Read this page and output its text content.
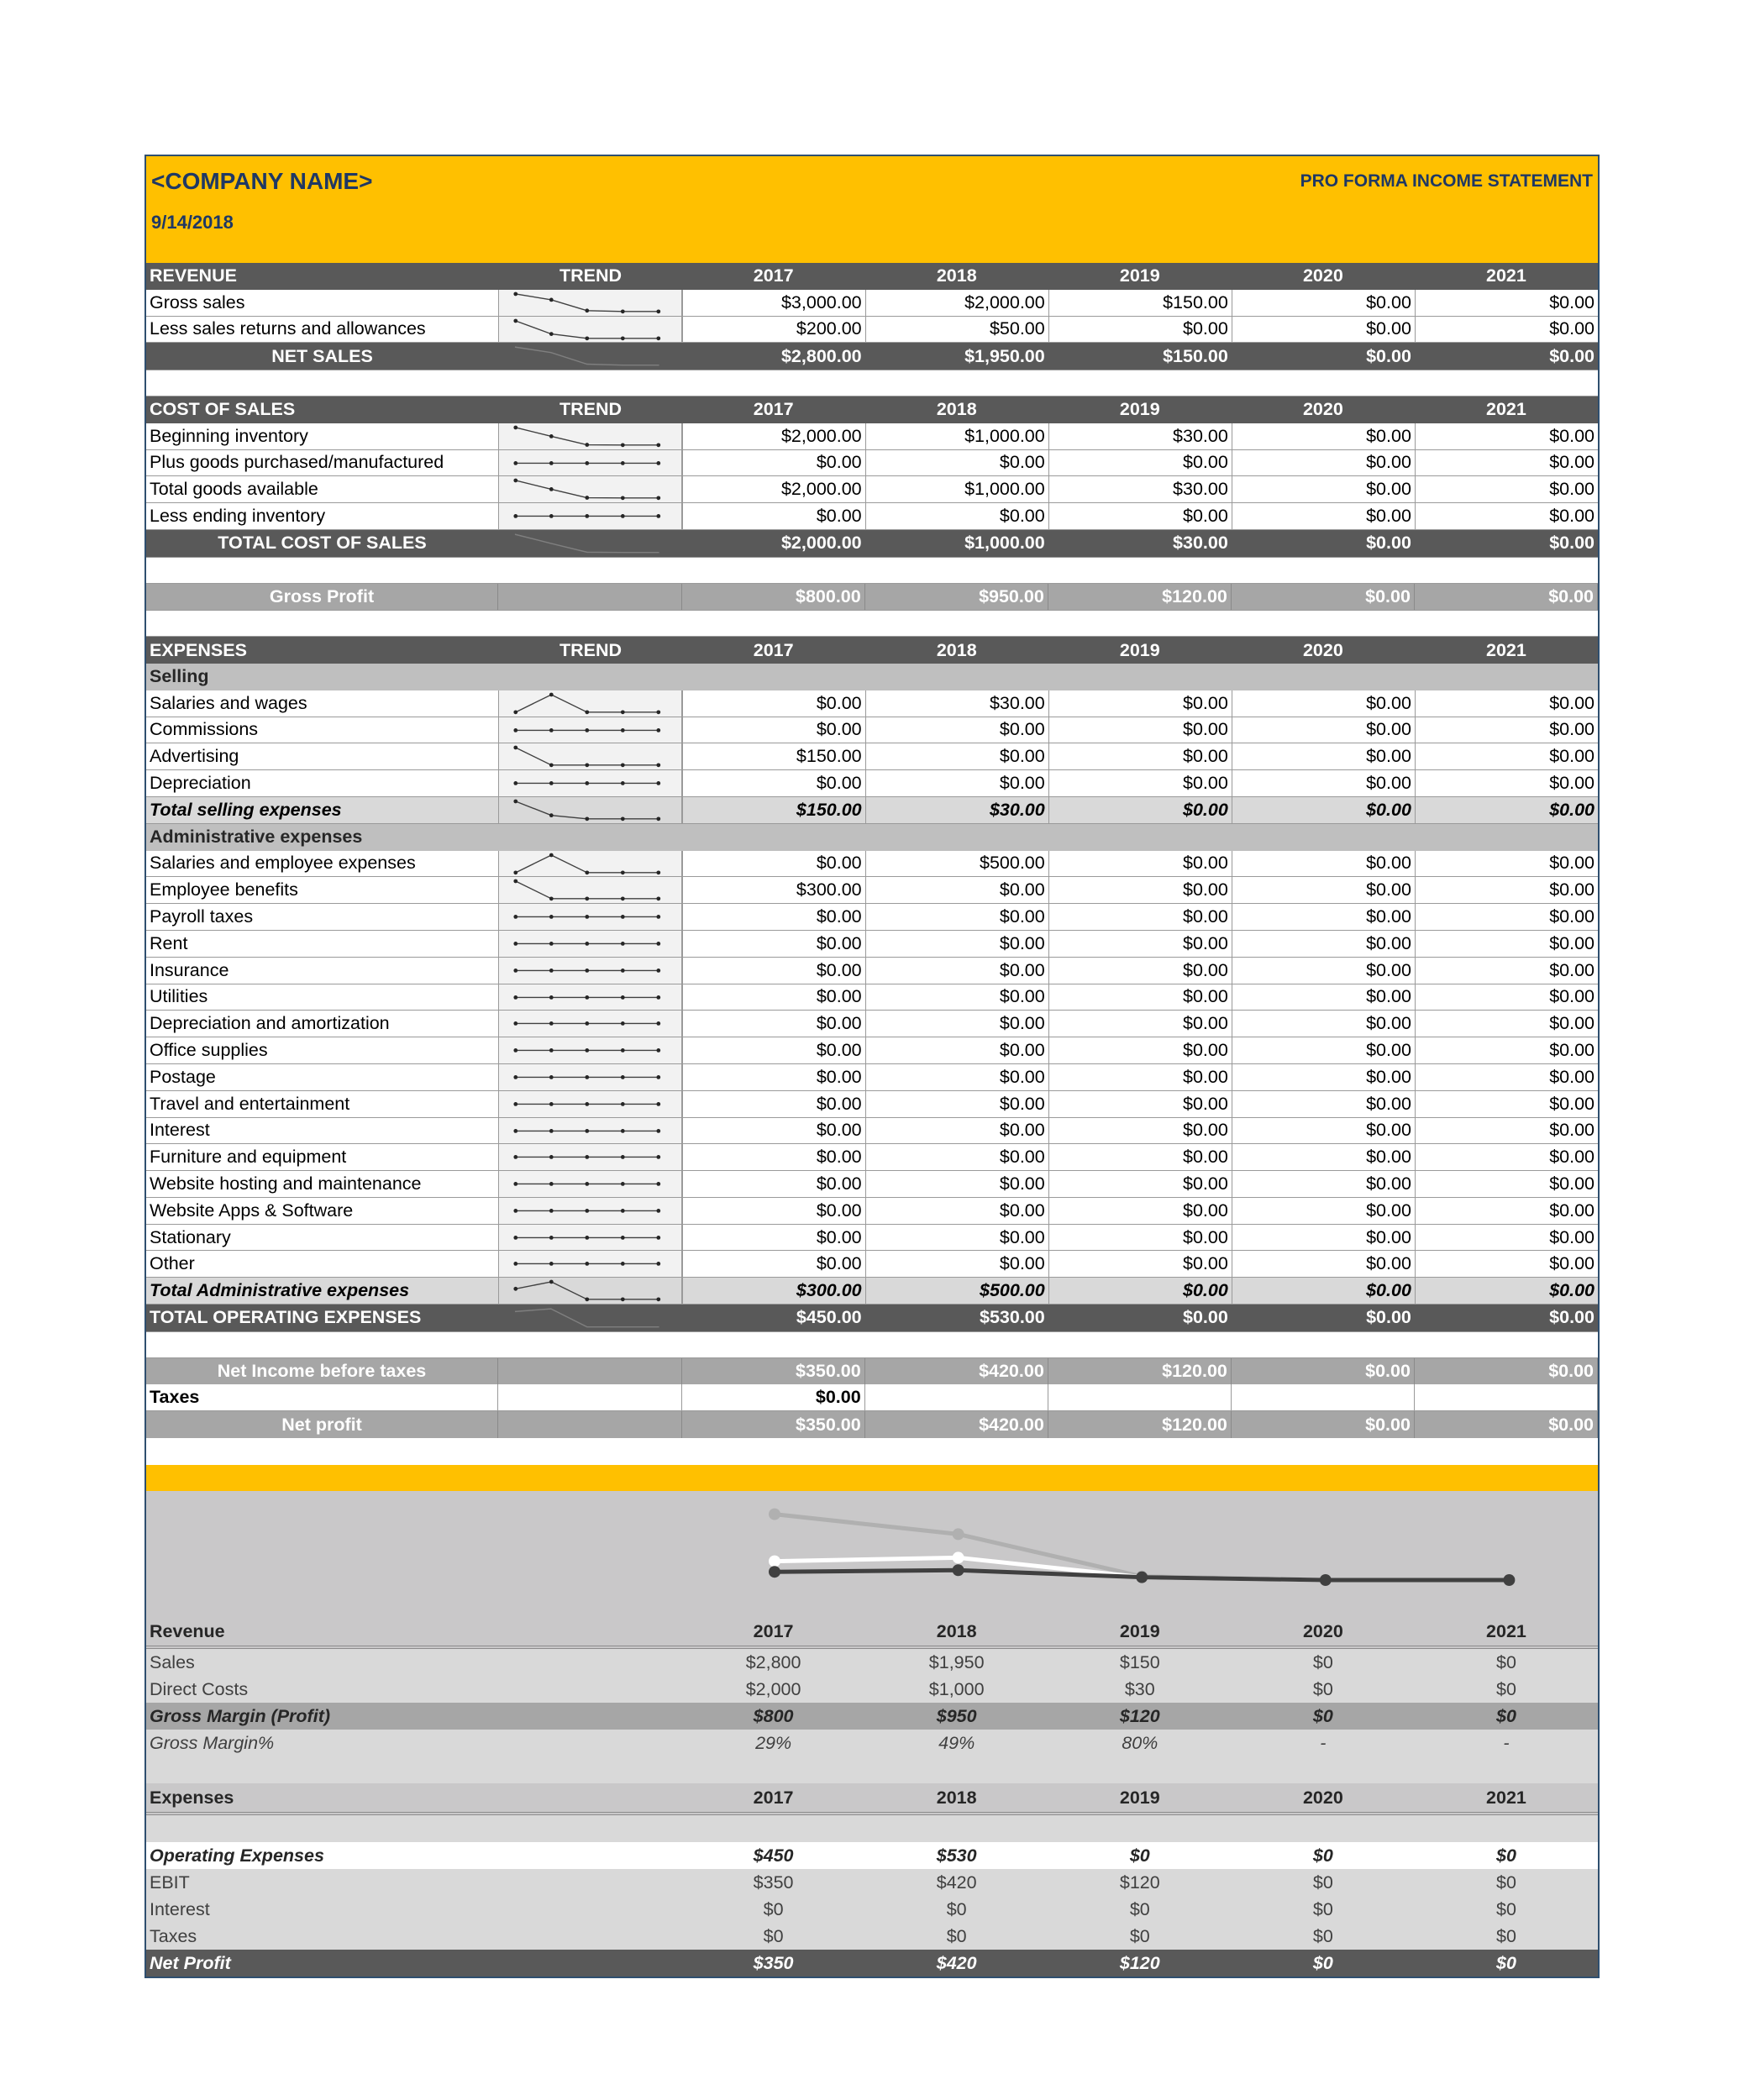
<COMPANY NAME>
9/14/2018
PRO FORMA INCOME STATEMENT
REVENUE	TREND	2017	2018	2019	2020	2021
Gross sales	$3,000.00	$2,000.00	$150.00	$0.00	$0.00
Less sales returns and allowances	$200.00	$50.00	$0.00	$0.00	$0.00
NET SALES	$2,800.00	$1,950.00	$150.00	$0.00	$0.00
COST OF SALES	TREND	2017	2018	2019	2020	2021
Beginning inventory	$2,000.00	$1,000.00	$30.00	$0.00	$0.00
Plus goods purchased/manufactured	$0.00	$0.00	$0.00	$0.00	$0.00
Total goods available	$2,000.00	$1,000.00	$30.00	$0.00	$0.00
Less ending inventory	$0.00	$0.00	$0.00	$0.00	$0.00
TOTAL COST OF SALES	$2,000.00	$1,000.00	$30.00	$0.00	$0.00
Gross Profit	$800.00	$950.00	$120.00	$0.00	$0.00
EXPENSES	TREND	2017	2018	2019	2020	2021
Selling
Salaries and wages	$0.00	$30.00	$0.00	$0.00	$0.00
Commissions	$0.00	$0.00	$0.00	$0.00	$0.00
Advertising	$150.00	$0.00	$0.00	$0.00	$0.00
Depreciation	$0.00	$0.00	$0.00	$0.00	$0.00
Total selling expenses	$150.00	$30.00	$0.00	$0.00	$0.00
Administrative expenses
Salaries and employee expenses	$0.00	$500.00	$0.00	$0.00	$0.00
Employee benefits	$300.00	$0.00	$0.00	$0.00	$0.00
Payroll taxes	$0.00	$0.00	$0.00	$0.00	$0.00
Rent	$0.00	$0.00	$0.00	$0.00	$0.00
Insurance	$0.00	$0.00	$0.00	$0.00	$0.00
Utilities	$0.00	$0.00	$0.00	$0.00	$0.00
Depreciation and amortization	$0.00	$0.00	$0.00	$0.00	$0.00
Office supplies	$0.00	$0.00	$0.00	$0.00	$0.00
Postage	$0.00	$0.00	$0.00	$0.00	$0.00
Travel and entertainment	$0.00	$0.00	$0.00	$0.00	$0.00
Interest	$0.00	$0.00	$0.00	$0.00	$0.00
Furniture and equipment	$0.00	$0.00	$0.00	$0.00	$0.00
Website hosting and maintenance	$0.00	$0.00	$0.00	$0.00	$0.00
Website Apps & Software	$0.00	$0.00	$0.00	$0.00	$0.00
Stationary	$0.00	$0.00	$0.00	$0.00	$0.00
Other	$0.00	$0.00	$0.00	$0.00	$0.00
Total Administrative expenses	$300.00	$500.00	$0.00	$0.00	$0.00
TOTAL OPERATING EXPENSES	$450.00	$530.00	$0.00	$0.00	$0.00
Net Income before taxes	$350.00	$420.00	$120.00	$0.00	$0.00
Taxes	$0.00
Net profit	$350.00	$420.00	$120.00	$0.00	$0.00
Revenue	2017	2018	2019	2020	2021
Sales	$2,800	$1,950	$150	$0	$0
Direct Costs	$2,000	$1,000	$30	$0	$0
Gross Margin (Profit)	$800	$950	$120	$0	$0
Gross Margin%	29%	49%	80%	-	-
Expenses	2017	2018	2019	2020	2021
Operating Expenses	$450	$530	$0	$0	$0
EBIT	$350	$420	$120	$0	$0
Interest	$0	$0	$0	$0	$0
Taxes	$0	$0	$0	$0	$0
Net Profit	$350	$420	$120	$0	$0
